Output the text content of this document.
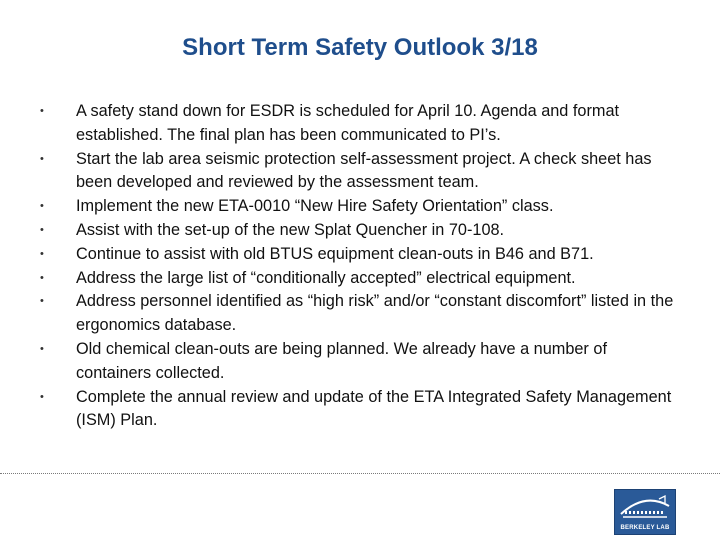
Short Term Safety Outlook 3/18
•	A safety stand down for ESDR is scheduled for April 10. Agenda and format established. The final plan has been communicated to PI’s.
•	Start the lab area seismic protection self-assessment project. A check sheet has been developed and reviewed by the assessment team.
•	Implement the new ETA-0010 “New Hire Safety Orientation” class.
•	Assist with the set-up of the new Splat Quencher in 70-108.
•	Continue to assist with old BTUS equipment clean-outs in B46 and B71.
•	Address the large list of “conditionally accepted” electrical equipment.
•	Address personnel identified as “high risk” and/or “constant discomfort” listed in the ergonomics database.
•	Old chemical clean-outs are being planned. We already have a number of containers collected.
•	Complete the annual review and update of the ETA Integrated Safety Management (ISM) Plan.
BERKELEY LAB
